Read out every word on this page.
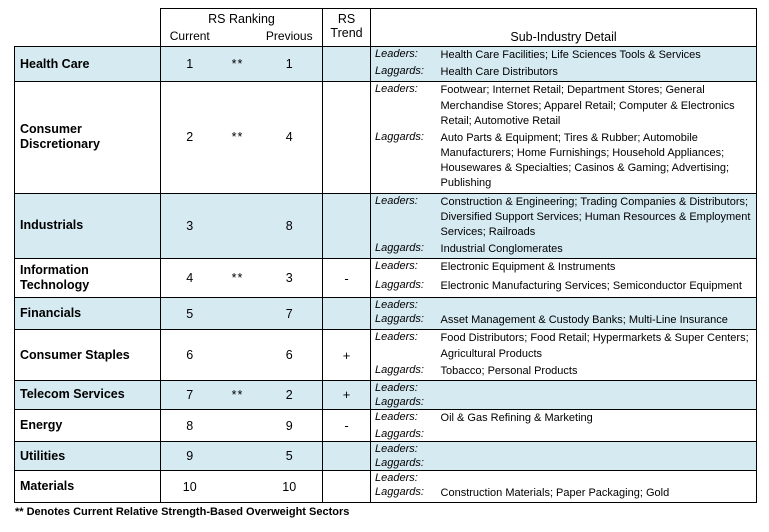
	RS Ranking			RS
Trend	Sub-Industry Detail	
	Current		Previous			
Health Care	1	**	1		Leaders:	Health Care Facilities; Life Sciences Tools & Services
					Laggards:	Health Care Distributors
Consumer Discretionary	2	**	4		Leaders:	Footwear; Internet Retail; Department Stores; General Merchandise Stores; Apparel Retail; Computer & Electronics Retail; Automotive Retail
					Laggards:	Auto Parts & Equipment; Tires & Rubber; Automobile Manufacturers; Home Furnishings; Household Appliances; Housewares & Specialties; Casinos & Gaming; Advertising; Publishing
Industrials	3		8		Leaders:	Construction & Engineering; Trading Companies & Distributors; Diversified Support Services; Human Resources & Employment Services; Railroads
					Laggards:	Industrial Conglomerates
Information Technology	4	**	3	-	Leaders:	Electronic Equipment & Instruments
					Laggards:	Electronic Manufacturing Services; Semiconductor Equipment
Financials	5		7		Leaders:	
					Laggards:	Asset Management & Custody Banks; Multi-Line Insurance
Consumer Staples	6		6	+	Leaders:	Food Distributors; Food Retail; Hypermarkets & Super Centers; Agricultural Products
					Laggards:	Tobacco; Personal Products
Telecom Services	7	**	2	+	Leaders:	
					Laggards:	
Energy	8		9	-	Leaders:	Oil & Gas Refining & Marketing
					Laggards:	
Utilities	9		5		Leaders:	
					Laggards:	
Materials	10		10		Leaders:	
					Laggards:	Construction Materials; Paper Packaging; Gold
** Denotes Current Relative Strength-Based Overweight Sectors
